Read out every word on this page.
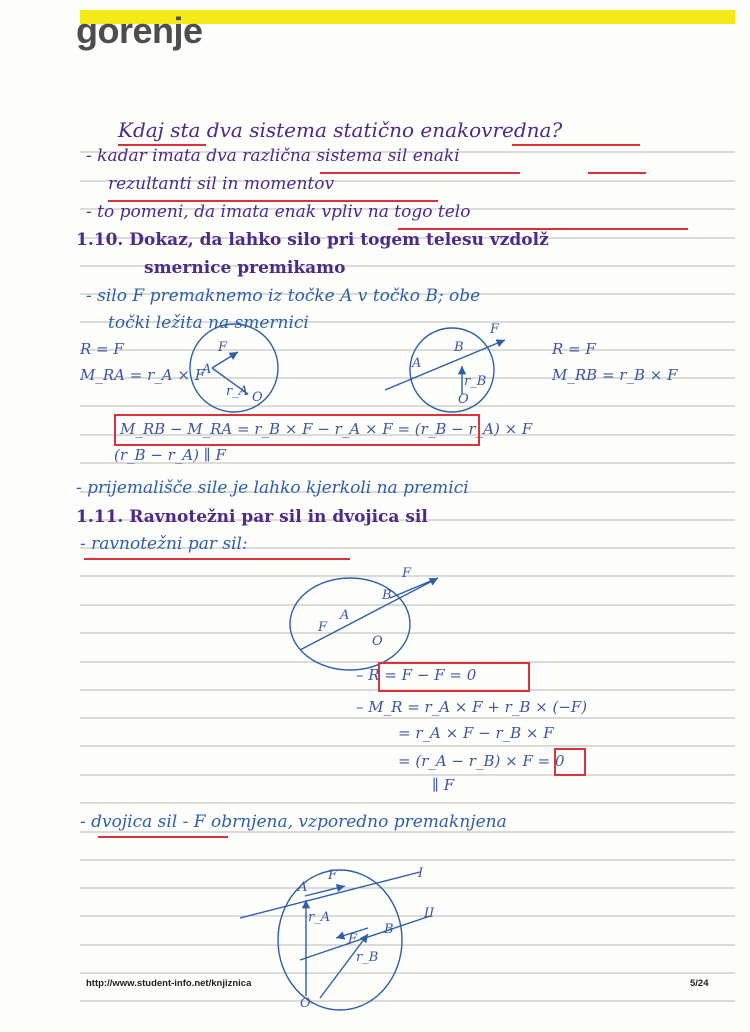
gorenje
Kdaj sta dva sistema statično enakovredna?
- kadar imata dva različna sistema sil enaki
rezultanti sil in momentov
- to pomeni, da imata enak vpliv na togo telo
1.10. Dokaz, da lahko silo pri togem telesu vzdolž
smernice premikamo
- silo F premaknemo iz točke A v točko B; obe
točki ležita na smernici
F
A
r_A O
F
A
B
r_B
O
F
B
A
F
O
A
F
r_A
I
II
B
F
r_B
O
R = F
M_RA = r_A × F
R = F
M_RB = r_B × F
M_RB − M_RA = r_B × F − r_A × F = (r_B − r_A) × F
(r_B − r_A) ∥ F
- prijemališče sile je lahko kjerkoli na premici
1.11. Ravnotežni par sil in dvojica sil
- ravnotežni par sil:
– R = F − F = 0
– M_R = r_A × F + r_B × (−F)
= r_A × F − r_B × F
= (r_A − r_B) × F = 0
∥ F
- dvojica sil - F obrnjena, vzporedno premaknjena
http://www.student-info.net/knjiznica	5/24
